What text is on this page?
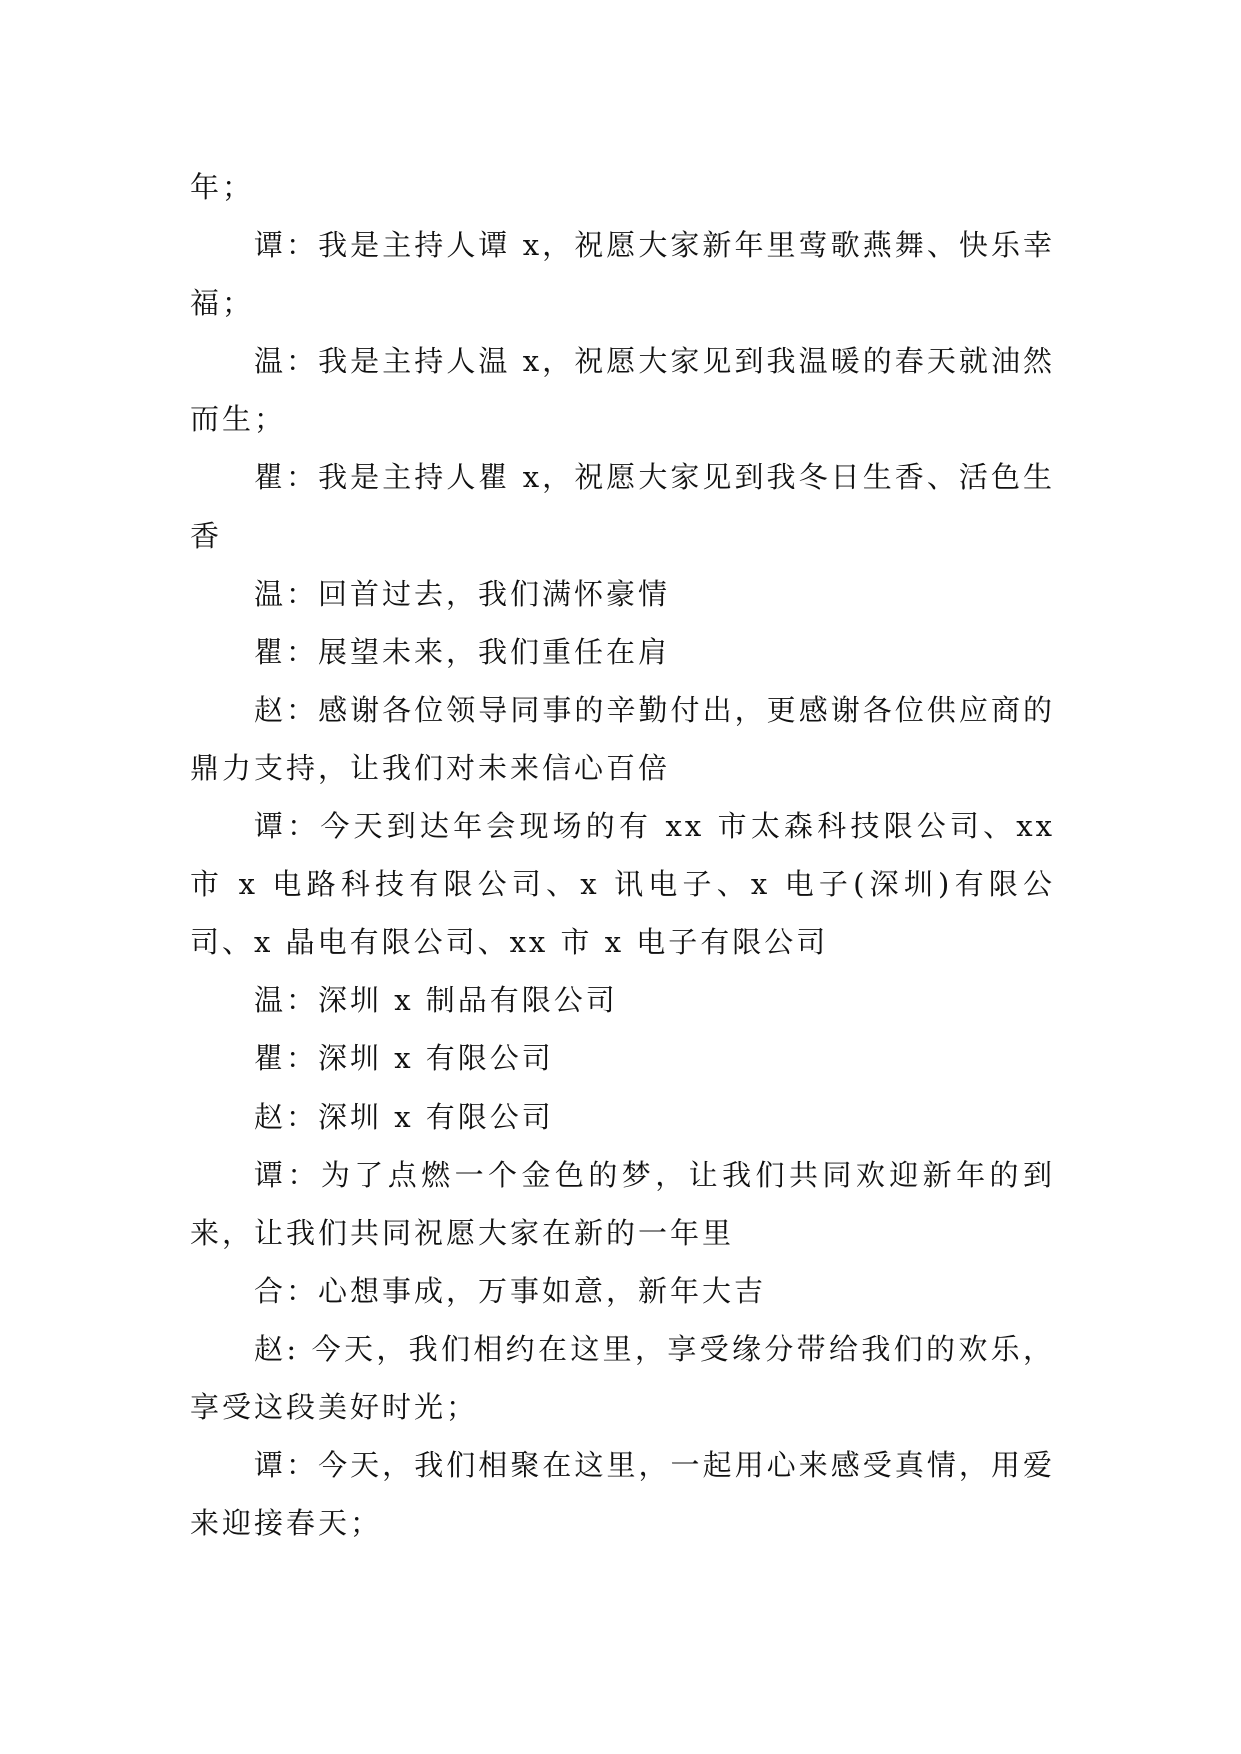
年；

谭：我是主持人谭 x，祝愿大家新年里莺歌燕舞、快乐幸福；

温：我是主持人温 x，祝愿大家见到我温暖的春天就油然而生；

瞿：我是主持人瞿 x，祝愿大家见到我冬日生香、活色生香

温：回首过去，我们满怀豪情

瞿：展望未来，我们重任在肩

赵：感谢各位领导同事的辛勤付出，更感谢各位供应商的鼎力支持，让我们对未来信心百倍

谭：今天到达年会现场的有 xx 市太森科技限公司、xx 市 x 电路科技有限公司、x 讯电子、x 电子(深圳)有限公司、x 晶电有限公司、xx 市 x 电子有限公司

温：深圳 x 制品有限公司

瞿：深圳 x 有限公司

赵：深圳 x 有限公司

谭：为了点燃一个金色的梦，让我们共同欢迎新年的到来，让我们共同祝愿大家在新的一年里

合：心想事成，万事如意，新年大吉

赵: 今天，我们相约在这里，享受缘分带给我们的欢乐，享受这段美好时光；

谭：今天，我们相聚在这里，一起用心来感受真情，用爱来迎接春天；
